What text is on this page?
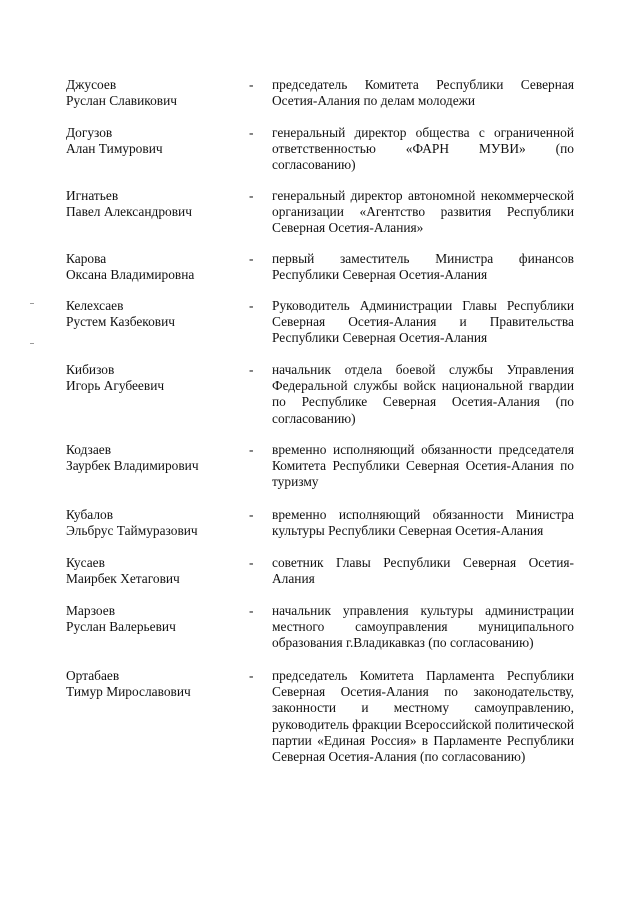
Джусоев
Руслан Славикович
- председатель Комитета Республики Северная Осетия-Алания по делам молодежи
Догузов
Алан Тимурович
- генеральный директор общества с ограниченной ответственностью «ФАРН МУВИ» (по согласованию)
Игнатьев
Павел Александрович
- генеральный директор автономной некоммерческой организации «Агентство развития Республики Северная Осетия-Алания»
Карова
Оксана Владимировна
- первый заместитель Министра финансов Республики Северная Осетия-Алания
Келехсаев
Рустем Казбекович
- Руководитель Администрации Главы Республики Северная Осетия-Алания и Правительства Республики Северная Осетия-Алания
Кибизов
Игорь Агубеевич
- начальник отдела боевой службы Управления Федеральной службы войск национальной гвардии по Республике Северная Осетия-Алания (по согласованию)
Кодзаев
Заурбек Владимирович
- временно исполняющий обязанности председателя Комитета Республики Северная Осетия-Алания по туризму
Кубалов
Эльбрус Таймуразович
- временно исполняющий обязанности Министра культуры Республики Северная Осетия-Алания
Кусаев
Маирбек Хетагович
- советник Главы Республики Северная Осетия-Алания
Марзоев
Руслан Валерьевич
- начальник управления культуры администрации местного самоуправления муниципального образования г.Владикавказ (по согласованию)
Ортабаев
Тимур Мирославович
- председатель Комитета Парламента Республики Северная Осетия-Алания по законодательству, законности и местному самоуправлению, руководитель фракции Всероссийской политической партии «Единая Россия» в Парламенте Республики Северная Осетия-Алания (по согласованию)
